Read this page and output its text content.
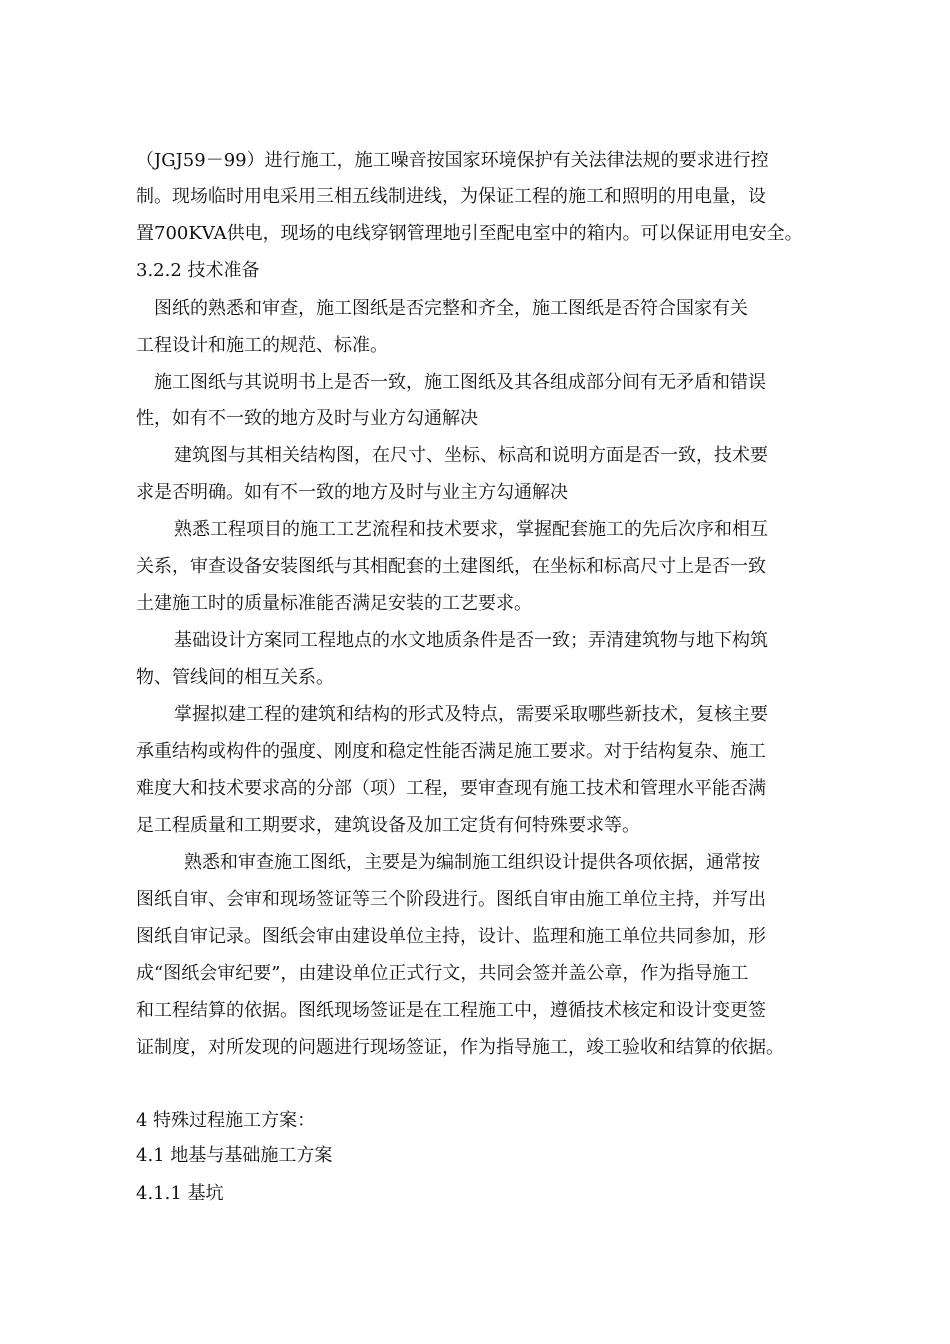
（JGJ59－99）进行施工，施工噪音按国家环境保护有关法律法规的要求进行控
制。现场临时用电采用三相五线制进线，为保证工程的施工和照明的用电量，设
置700KVA供电，现场的电线穿钢管理地引至配电室中的箱内。可以保证用电安全。
3.2.2 技术准备
图纸的熟悉和审查，施工图纸是否完整和齐全，施工图纸是否符合国家有关
工程设计和施工的规范、标准。
施工图纸与其说明书上是否一致，施工图纸及其各组成部分间有无矛盾和错误
性，如有不一致的地方及时与业方勾通解决
建筑图与其相关结构图，在尺寸、坐标、标高和说明方面是否一致，技术要
求是否明确。如有不一致的地方及时与业主方勾通解决
熟悉工程项目的施工工艺流程和技术要求，掌握配套施工的先后次序和相互
关系，审查设备安装图纸与其相配套的土建图纸，在坐标和标高尺寸上是否一致
土建施工时的质量标准能否满足安装的工艺要求。
基础设计方案同工程地点的水文地质条件是否一致；弄清建筑物与地下构筑
物、管线间的相互关系。
掌握拟建工程的建筑和结构的形式及特点，需要采取哪些新技术，复核主要
承重结构或构件的强度、刚度和稳定性能否满足施工要求。对于结构复杂、施工
难度大和技术要求高的分部（项）工程，要审查现有施工技术和管理水平能否满
足工程质量和工期要求，建筑设备及加工定货有何特殊要求等。
熟悉和审查施工图纸，主要是为编制施工组织设计提供各项依据，通常按
图纸自审、会审和现场签证等三个阶段进行。图纸自审由施工单位主持，并写出
图纸自审记录。图纸会审由建设单位主持，设计、监理和施工单位共同参加，形
成“图纸会审纪要”，由建设单位正式行文，共同会签并盖公章，作为指导施工
和工程结算的依据。图纸现场签证是在工程施工中，遵循技术核定和设计变更签
证制度，对所发现的问题进行现场签证，作为指导施工，竣工验收和结算的依据。
4 特殊过程施工方案：
4.1 地基与基础施工方案
4.1.1 基坑
